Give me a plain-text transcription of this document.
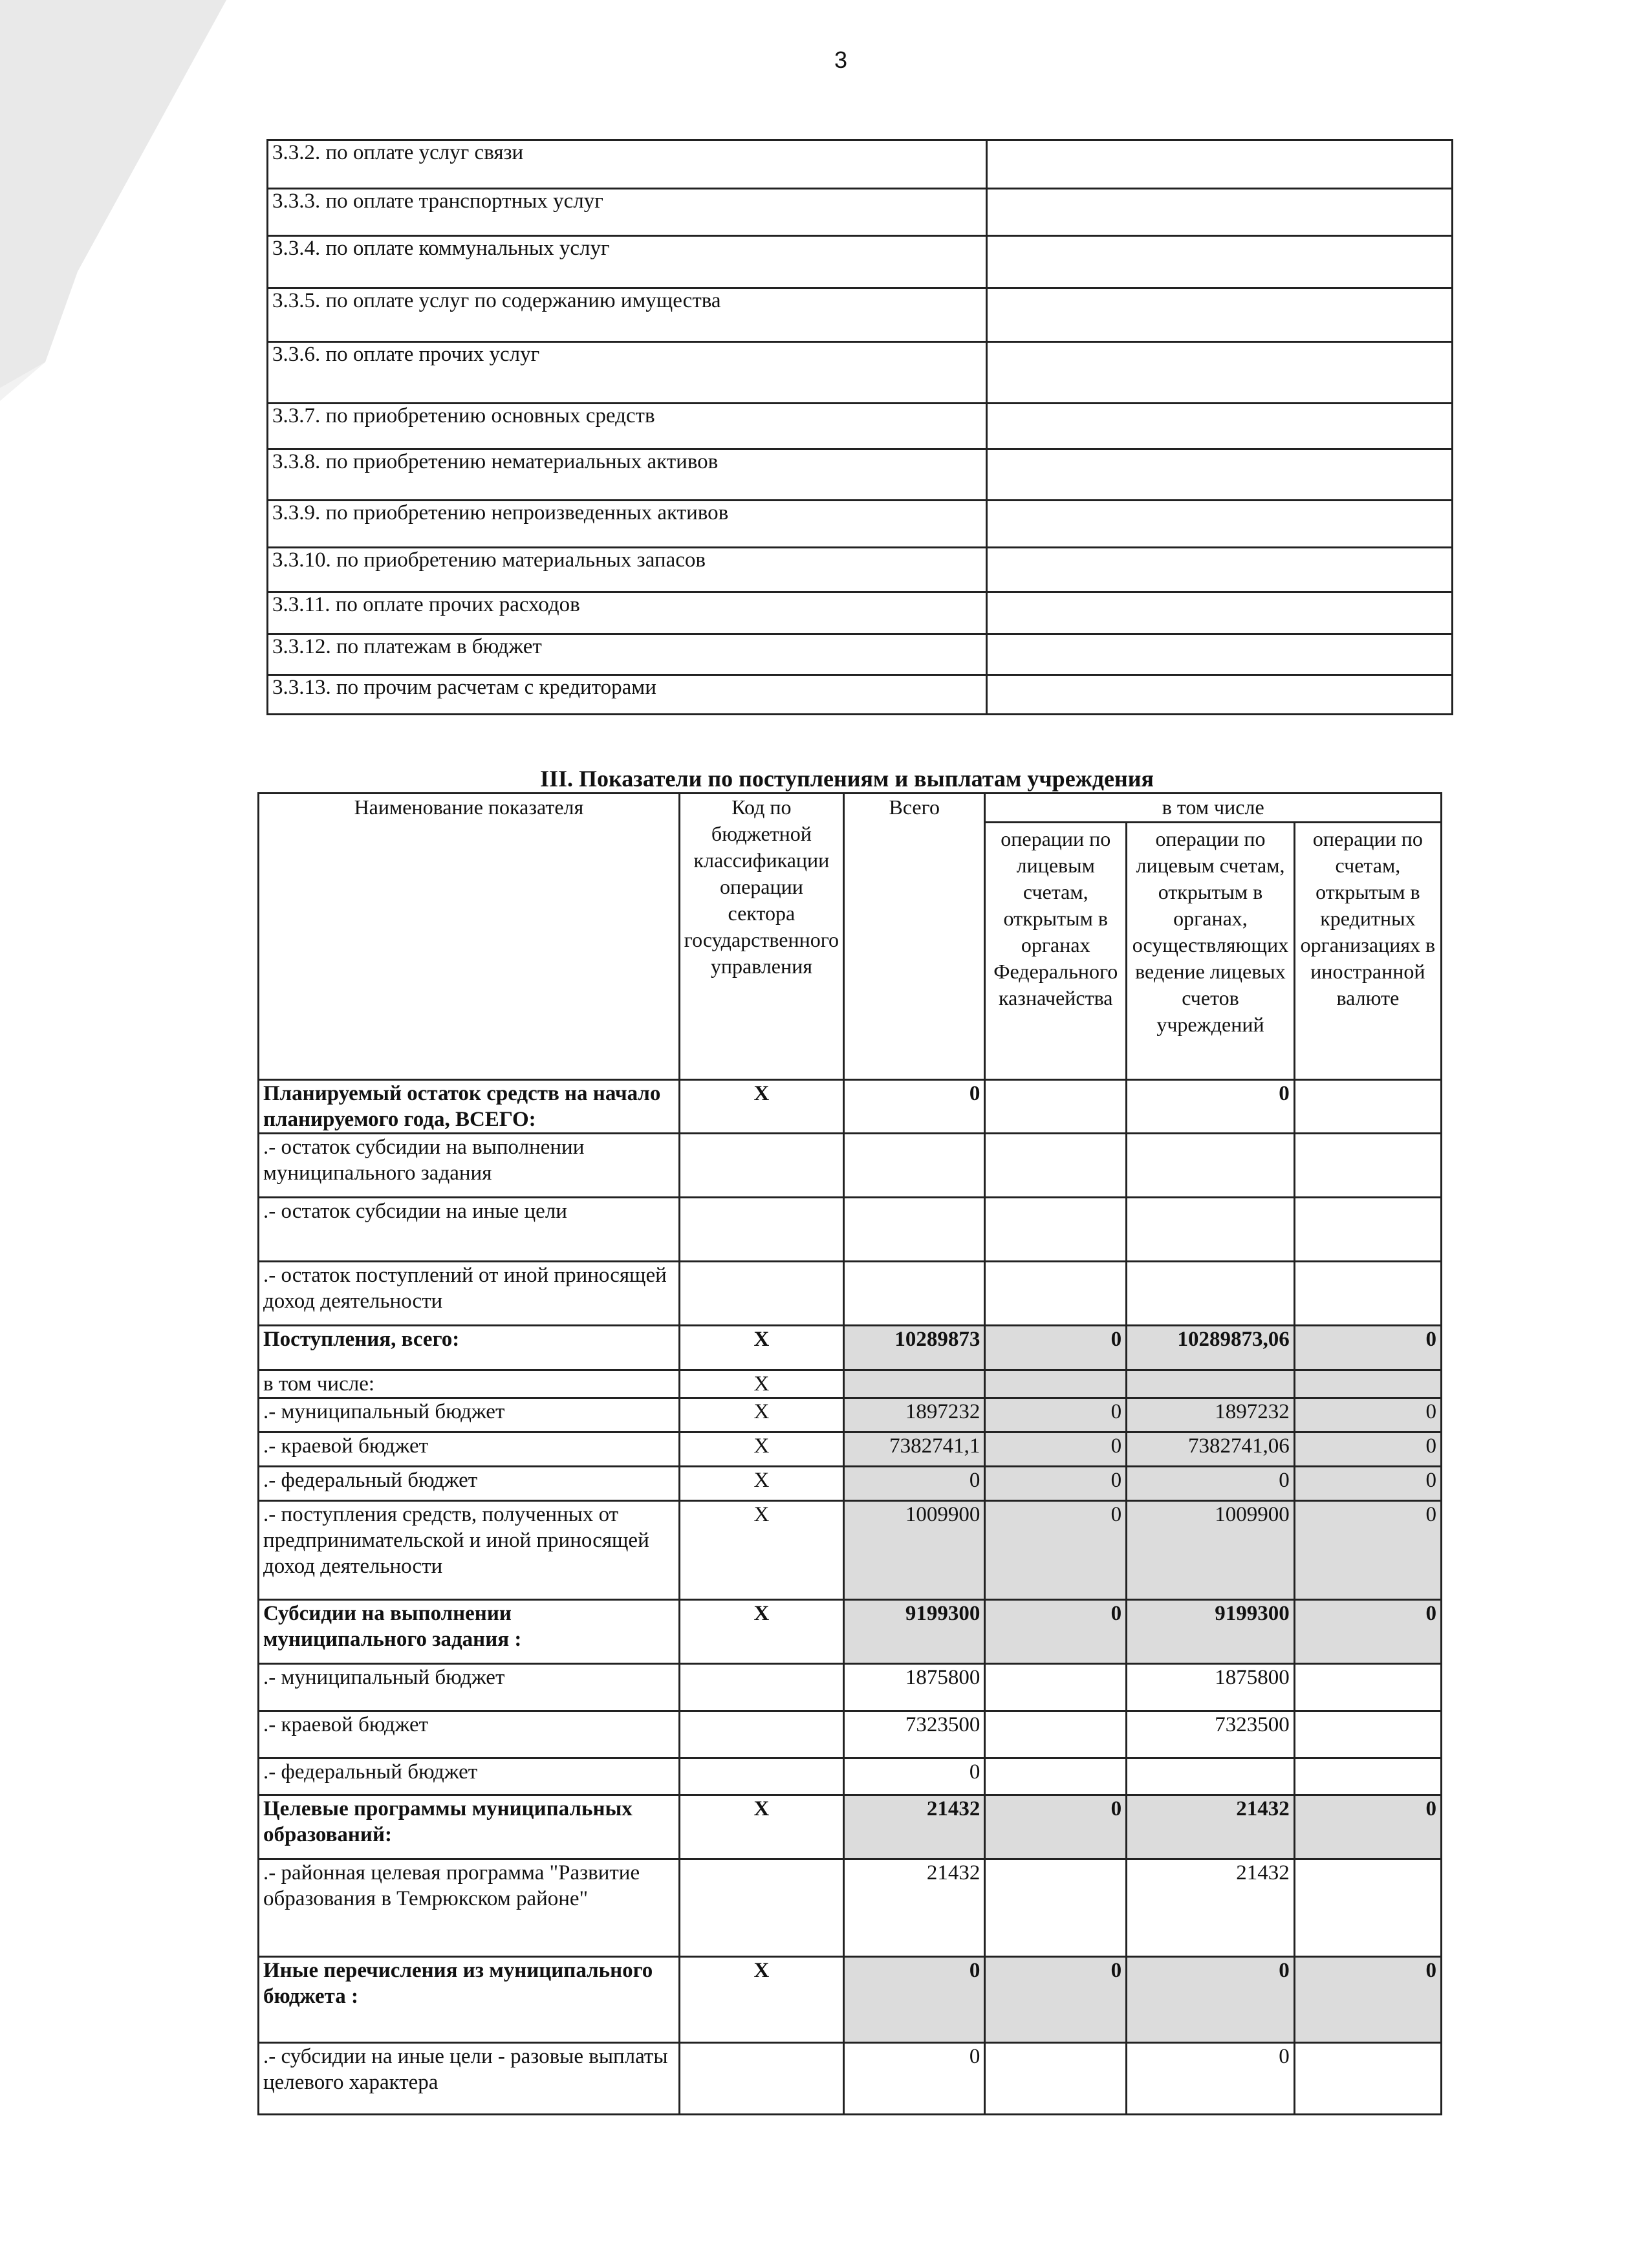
3
3.3.2. по оплате услуг связи	
3.3.3. по оплате транспортных услуг	
3.3.4. по оплате коммунальных услуг	
3.3.5. по оплате услуг по содержанию имущества	
3.3.6. по оплате прочих услуг	
3.3.7. по приобретению основных средств	
3.3.8. по приобретению нематериальных активов	
3.3.9. по приобретению непроизведенных активов	
3.3.10. по приобретению материальных запасов	
3.3.11. по оплате прочих расходов	
3.3.12. по платежам в бюджет	
3.3.13. по прочим расчетам с кредиторами	
III. Показатели по поступлениям и выплатам учреждения
Наименование показателя	Код по бюджетной классификации операции сектора государственного управления	Всего	в том числе		
			операции по лицевым счетам, открытым в органах Федерального казначейства	операции по лицевым счетам, открытым в органах, осуществляющих ведение лицевых счетов учреждений	операции по счетам, открытым в кредитных организациях в иностранной валюте
Планируемый остаток средств на начало планируемого года, ВСЕГО:	X	0		0	
.- остаток субсидии на выполнении муниципального задания					
.- остаток субсидии на иные цели					
.- остаток поступлений от иной приносящей доход деятельности					
Поступления, всего:	X	10289873	0	10289873,06	0
в том числе:	X				
.- муниципальный бюджет	X	1897232	0	1897232	0
.- краевой бюджет	X	7382741,1	0	7382741,06	0
.- федеральный бюджет	X	0	0	0	0
.- поступления средств, полученных от предпринимательской и иной приносящей доход деятельности	X	1009900	0	1009900	0
Субсидии на выполнении муниципального задания :	X	9199300	0	9199300	0
.- муниципальный бюджет		1875800		1875800	
.- краевой бюджет		7323500		7323500	
.- федеральный бюджет		0			
Целевые программы муниципальных образований:	X	21432	0	21432	0
.- районная целевая программа "Развитие образования в Темрюкском районе"		21432		21432	
Иные перечисления из муниципального бюджета :	X	0	0	0	0
.- субсидии на иные цели - разовые выплаты целевого характера		0		0	
